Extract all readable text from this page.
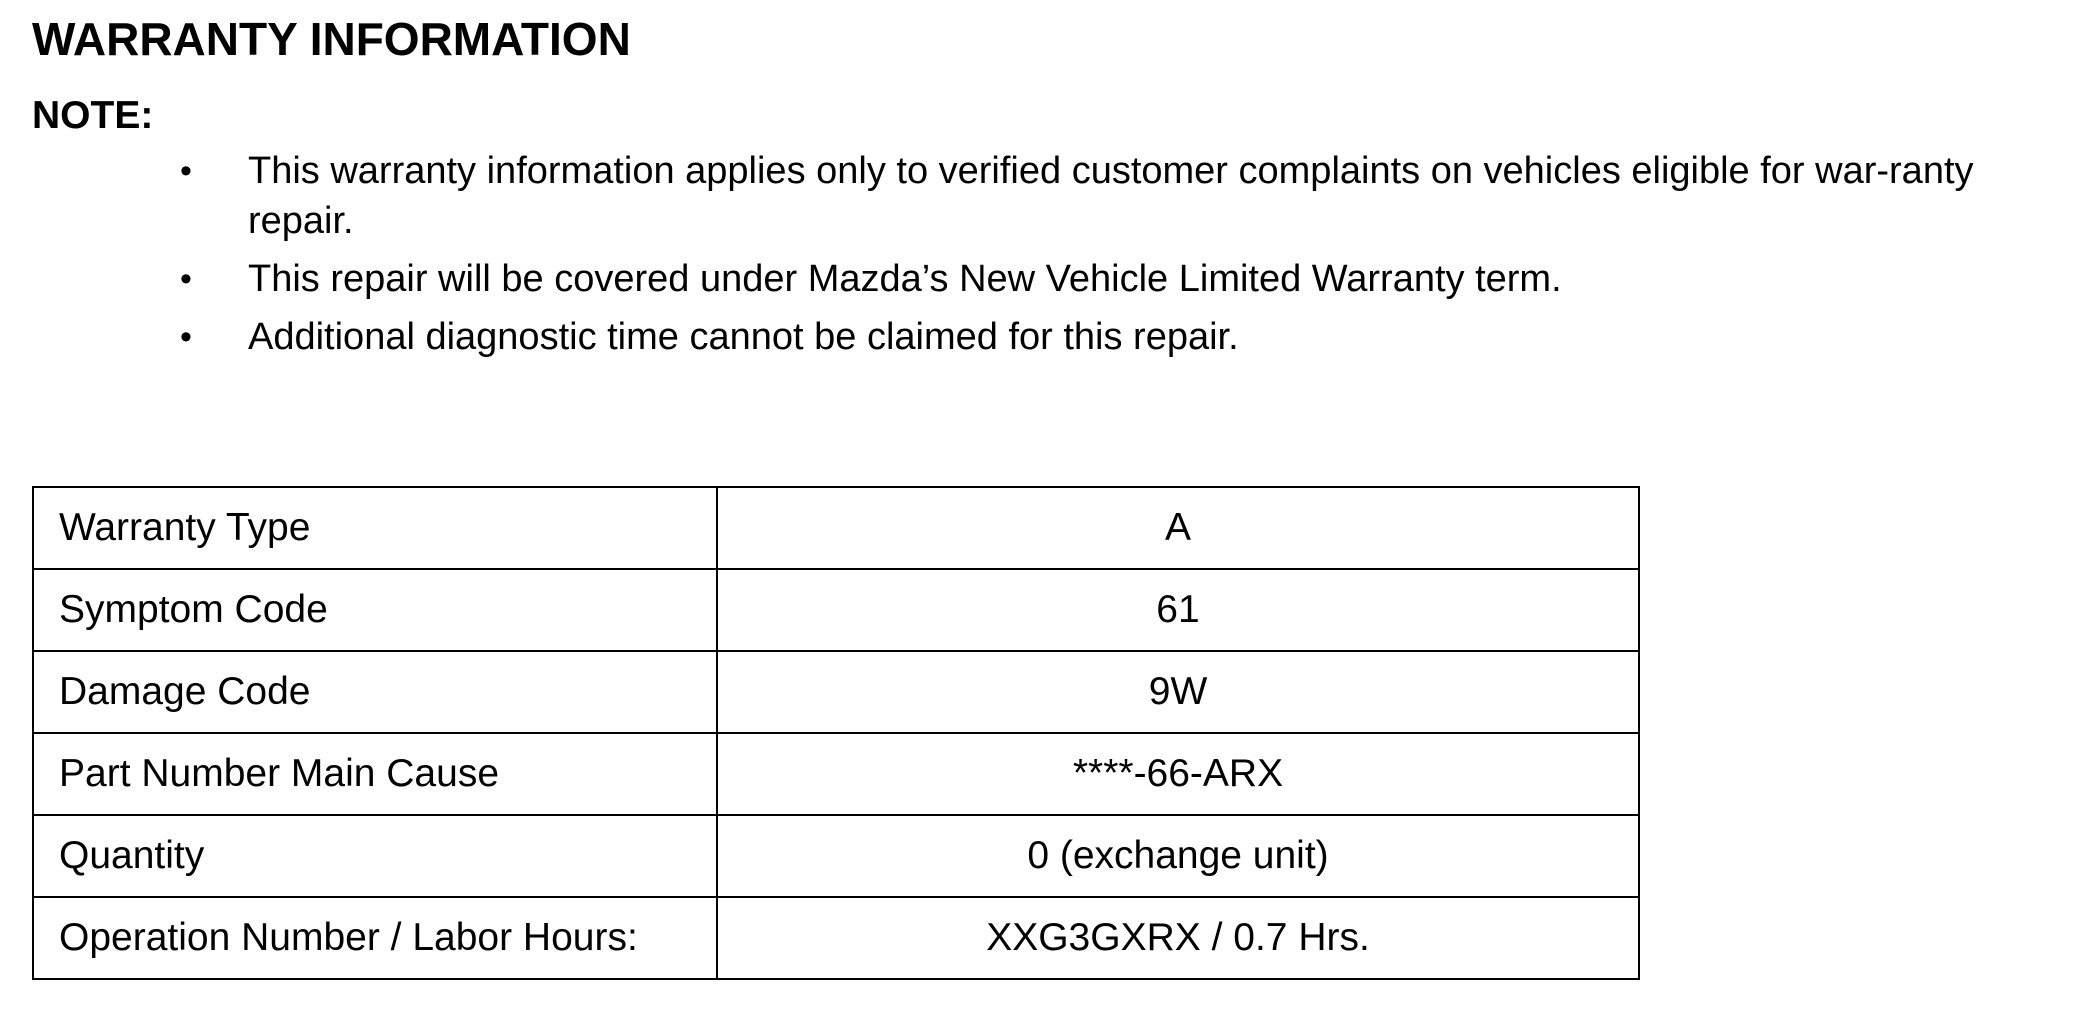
WARRANTY INFORMATION
NOTE:
• This warranty information applies only to verified customer complaints on vehicles eligible for war-ranty repair.
• This repair will be covered under Mazda’s New Vehicle Limited Warranty term.
• Additional diagnostic time cannot be claimed for this repair.
Warranty Type	A
Symptom Code	61
Damage Code	9W
Part Number Main Cause	****-66-ARX
Quantity	0 (exchange unit)
Operation Number / Labor Hours:	XXG3GXRX / 0.7 Hrs.
